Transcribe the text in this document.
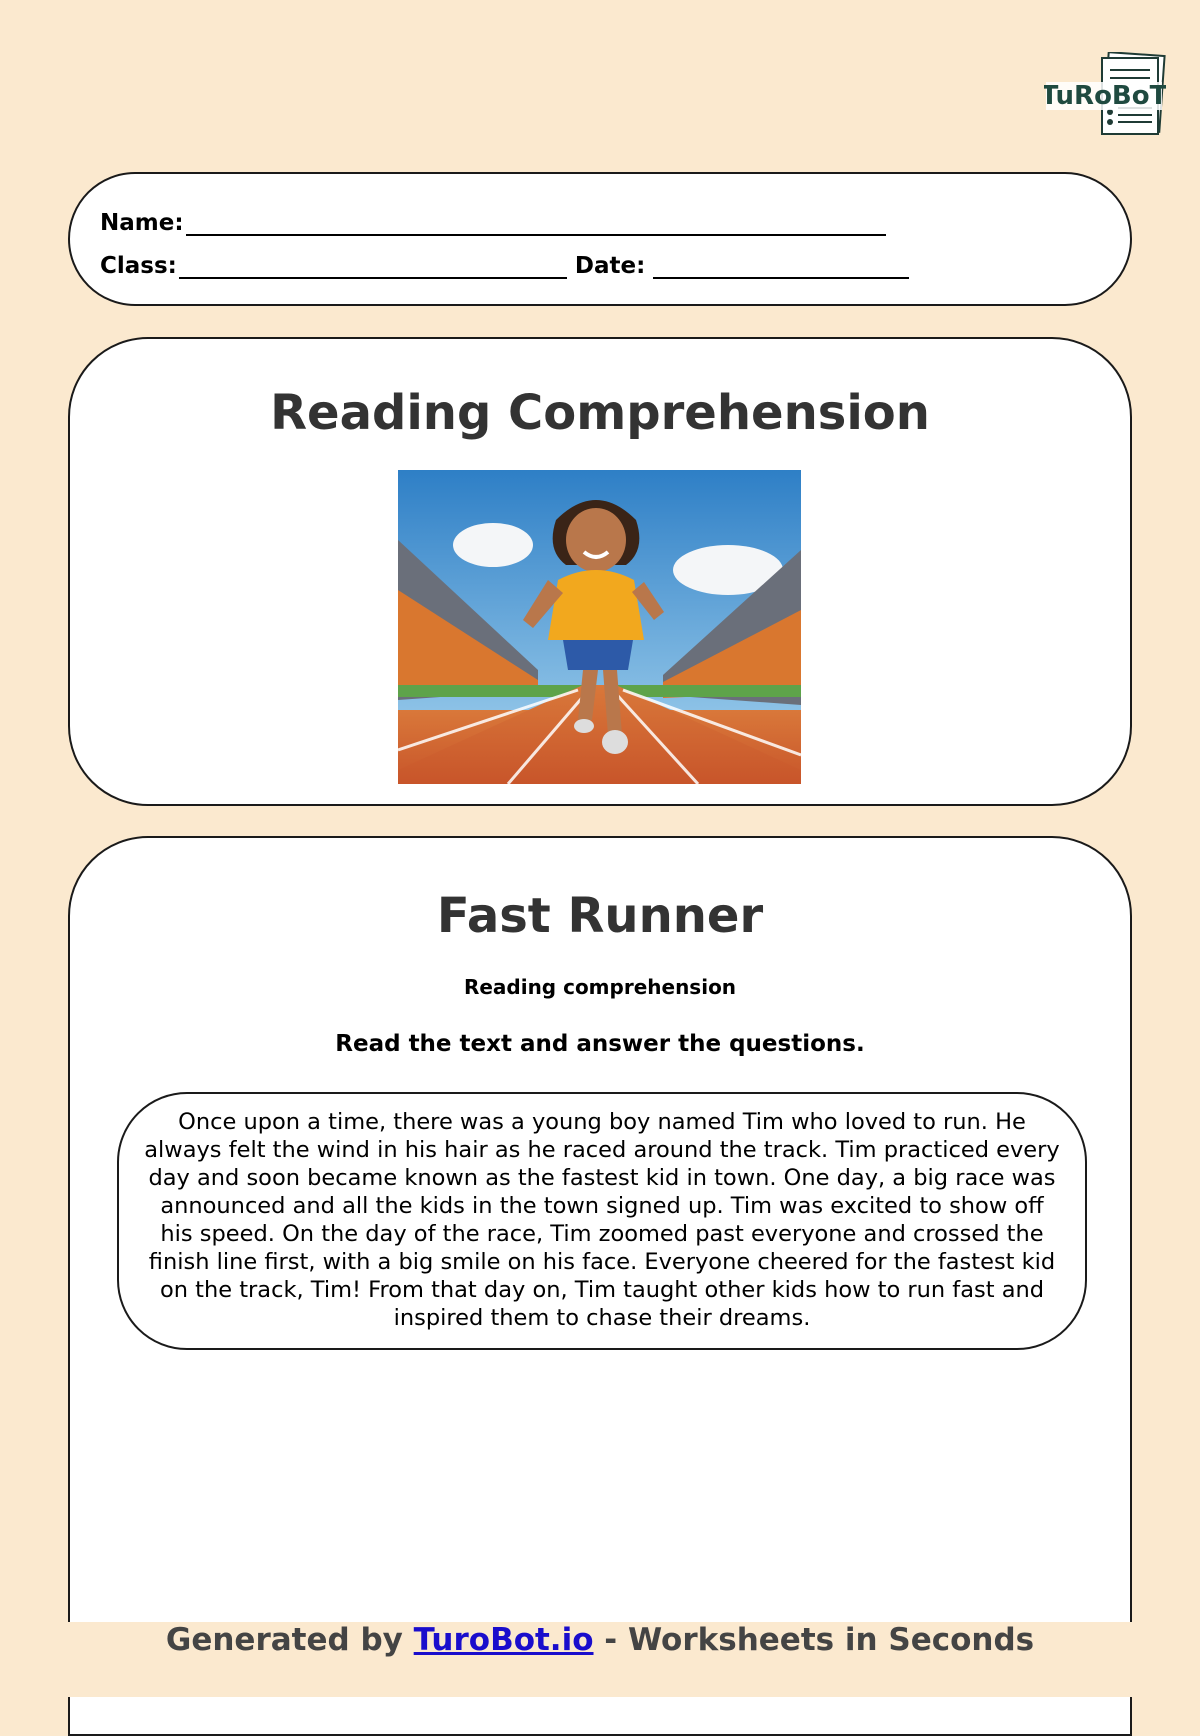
TuRoBoT
Name:
Class:	Date:
Reading Comprehension
Fast Runner
Reading comprehension
Read the text and answer the questions.
Once upon a time, there was a young boy named Tim who loved to run. He always felt the wind in his hair as he raced around the track. Tim practiced every day and soon became known as the fastest kid in town. One day, a big race was announced and all the kids in the town signed up. Tim was excited to show off his speed. On the day of the race, Tim zoomed past everyone and crossed the finish line first, with a big smile on his face. Everyone cheered for the fastest kid on the track, Tim! From that day on, Tim taught other kids how to run fast and inspired them to chase their dreams.
Generated by TuroBot.io - Worksheets in Seconds
